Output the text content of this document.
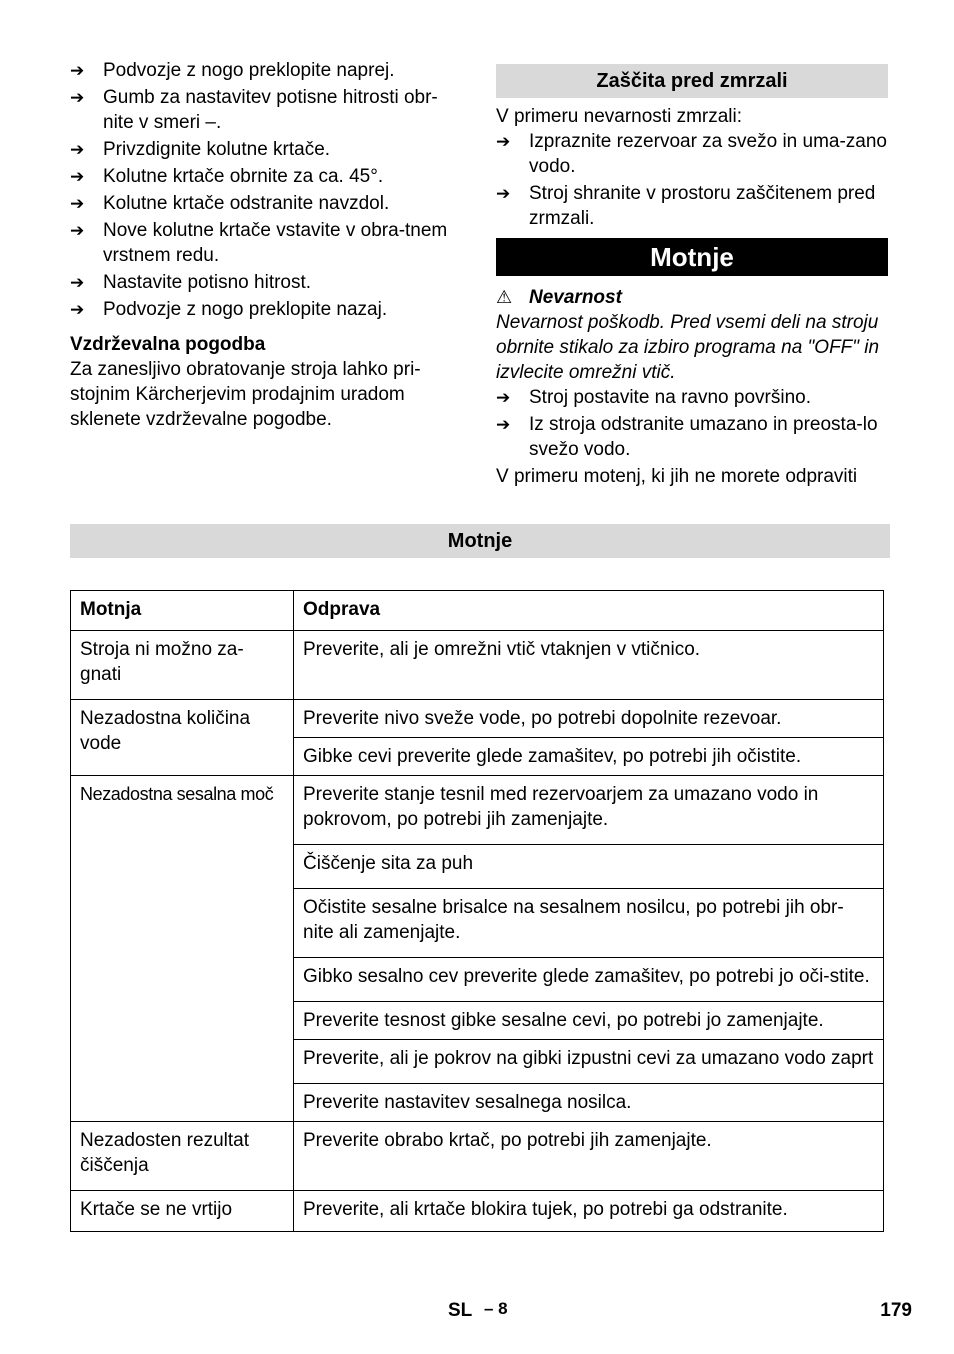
➔ Podvozje z nogo preklopite naprej.
➔ Gumb za nastavitev potisne hitrosti obr-nite v smeri –.
➔ Privzdignite kolutne krtače.
➔ Kolutne krtače obrnite za ca. 45°.
➔ Kolutne krtače odstranite navzdol.
➔ Nove kolutne krtače vstavite v obra-tnem vrstnem redu.
➔ Nastavite potisno hitrost.
➔ Podvozje z nogo preklopite nazaj.
Vzdrževalna pogodba
Za zanesljivo obratovanje stroja lahko pri-stojnim Kärcherjevim prodajnim uradom sklenete vzdrževalne pogodbe.
Zaščita pred zmrzali
V primeru nevarnosti zmrzali:
➔ Izpraznite rezervoar za svežo in uma-zano vodo.
➔ Stroj shranite v prostoru zaščitenem pred zrmzali.
Motnje
⚠ Nevarnost
Nevarnost poškodb. Pred vsemi deli na stroju obrnite stikalo za izbiro programa na "OFF" in izvlecite omrežni vtič.
➔ Stroj postavite na ravno površino.
➔ Iz stroja odstranite umazano in preosta-lo svežo vodo.
V primeru motenj, ki jih ne morete odpraviti
Motnje
Motnja	Odprava
Stroja ni možno za-gnati	Preverite, ali je omrežni vtič vtaknjen v vtičnico.
Nezadostna količina vode	Preverite nivo sveže vode, po potrebi dopolnite rezevoar.
	Gibke cevi preverite glede zamašitev, po potrebi jih očistite.
Nezadostna sesalna moč	Preverite stanje tesnil med rezervoarjem za umazano vodo in pokrovom, po potrebi jih zamenjajte.
	Čiščenje sita za puh
	Očistite sesalne brisalce na sesalnem nosilcu, po potrebi jih obr-nite ali zamenjajte.
	Gibko sesalno cev preverite glede zamašitev, po potrebi jo oči-stite.
	Preverite tesnost gibke sesalne cevi, po potrebi jo zamenjajte.
	Preverite, ali je pokrov na gibki izpustni cevi za umazano vodo zaprt
	Preverite nastavitev sesalnega nosilca.
Nezadosten rezultat čiščenja	Preverite obrabo krtač, po potrebi jih zamenjajte.
Krtače se ne vrtijo	Preverite, ali krtače blokira tujek, po potrebi ga odstranite.
SL – 8	179
